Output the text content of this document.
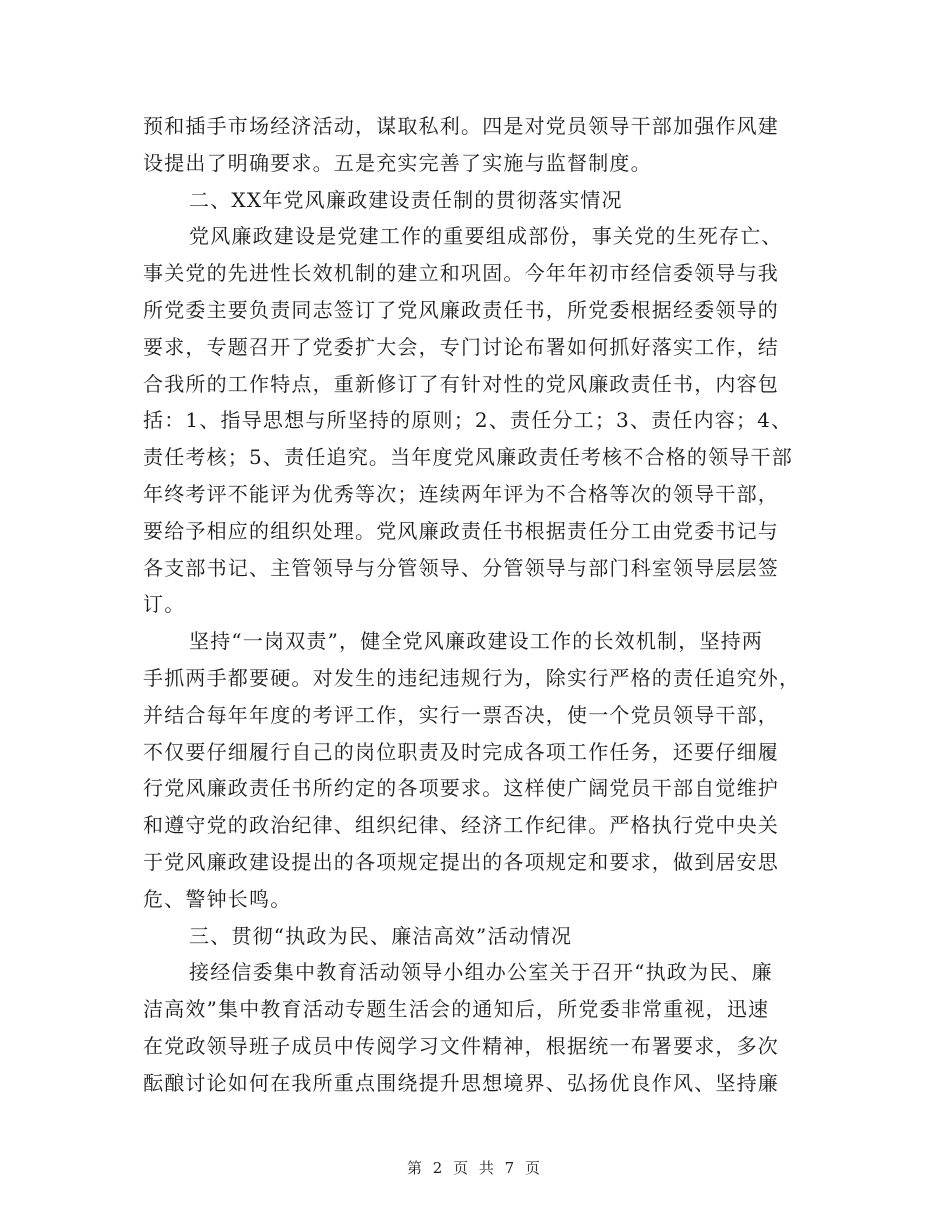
预和插手市场经济活动，谋取私利。四是对党员领导干部加强作风建
设提出了明确要求。五是充实完善了实施与监督制度。
二、XX年党风廉政建设责任制的贯彻落实情况
党风廉政建设是党建工作的重要组成部份，事关党的生死存亡、
事关党的先进性长效机制的建立和巩固。今年年初市经信委领导与我
所党委主要负责同志签订了党风廉政责任书，所党委根据经委领导的
要求，专题召开了党委扩大会，专门讨论布署如何抓好落实工作，结
合我所的工作特点，重新修订了有针对性的党风廉政责任书，内容包
括：1、指导思想与所坚持的原则；2、责任分工；3、责任内容；4、
责任考核；5、责任追究。当年度党风廉政责任考核不合格的领导干部
年终考评不能评为优秀等次；连续两年评为不合格等次的领导干部，
要给予相应的组织处理。党风廉政责任书根据责任分工由党委书记与
各支部书记、主管领导与分管领导、分管领导与部门科室领导层层签
订。
坚持“一岗双责”，健全党风廉政建设工作的长效机制，坚持两
手抓两手都要硬。对发生的违纪违规行为，除实行严格的责任追究外，
并结合每年年度的考评工作，实行一票否决，使一个党员领导干部，
不仅要仔细履行自己的岗位职责及时完成各项工作任务，还要仔细履
行党风廉政责任书所约定的各项要求。这样使广阔党员干部自觉维护
和遵守党的政治纪律、组织纪律、经济工作纪律。严格执行党中央关
于党风廉政建设提出的各项规定提出的各项规定和要求，做到居安思
危、警钟长鸣。
三、贯彻“执政为民、廉洁高效”活动情况
接经信委集中教育活动领导小组办公室关于召开“执政为民、廉
洁高效”集中教育活动专题生活会的通知后，所党委非常重视，迅速
在党政领导班子成员中传阅学习文件精神，根据统一布署要求，多次
酝酿讨论如何在我所重点围绕提升思想境界、弘扬优良作风、坚持廉
第 2 页 共 7 页
